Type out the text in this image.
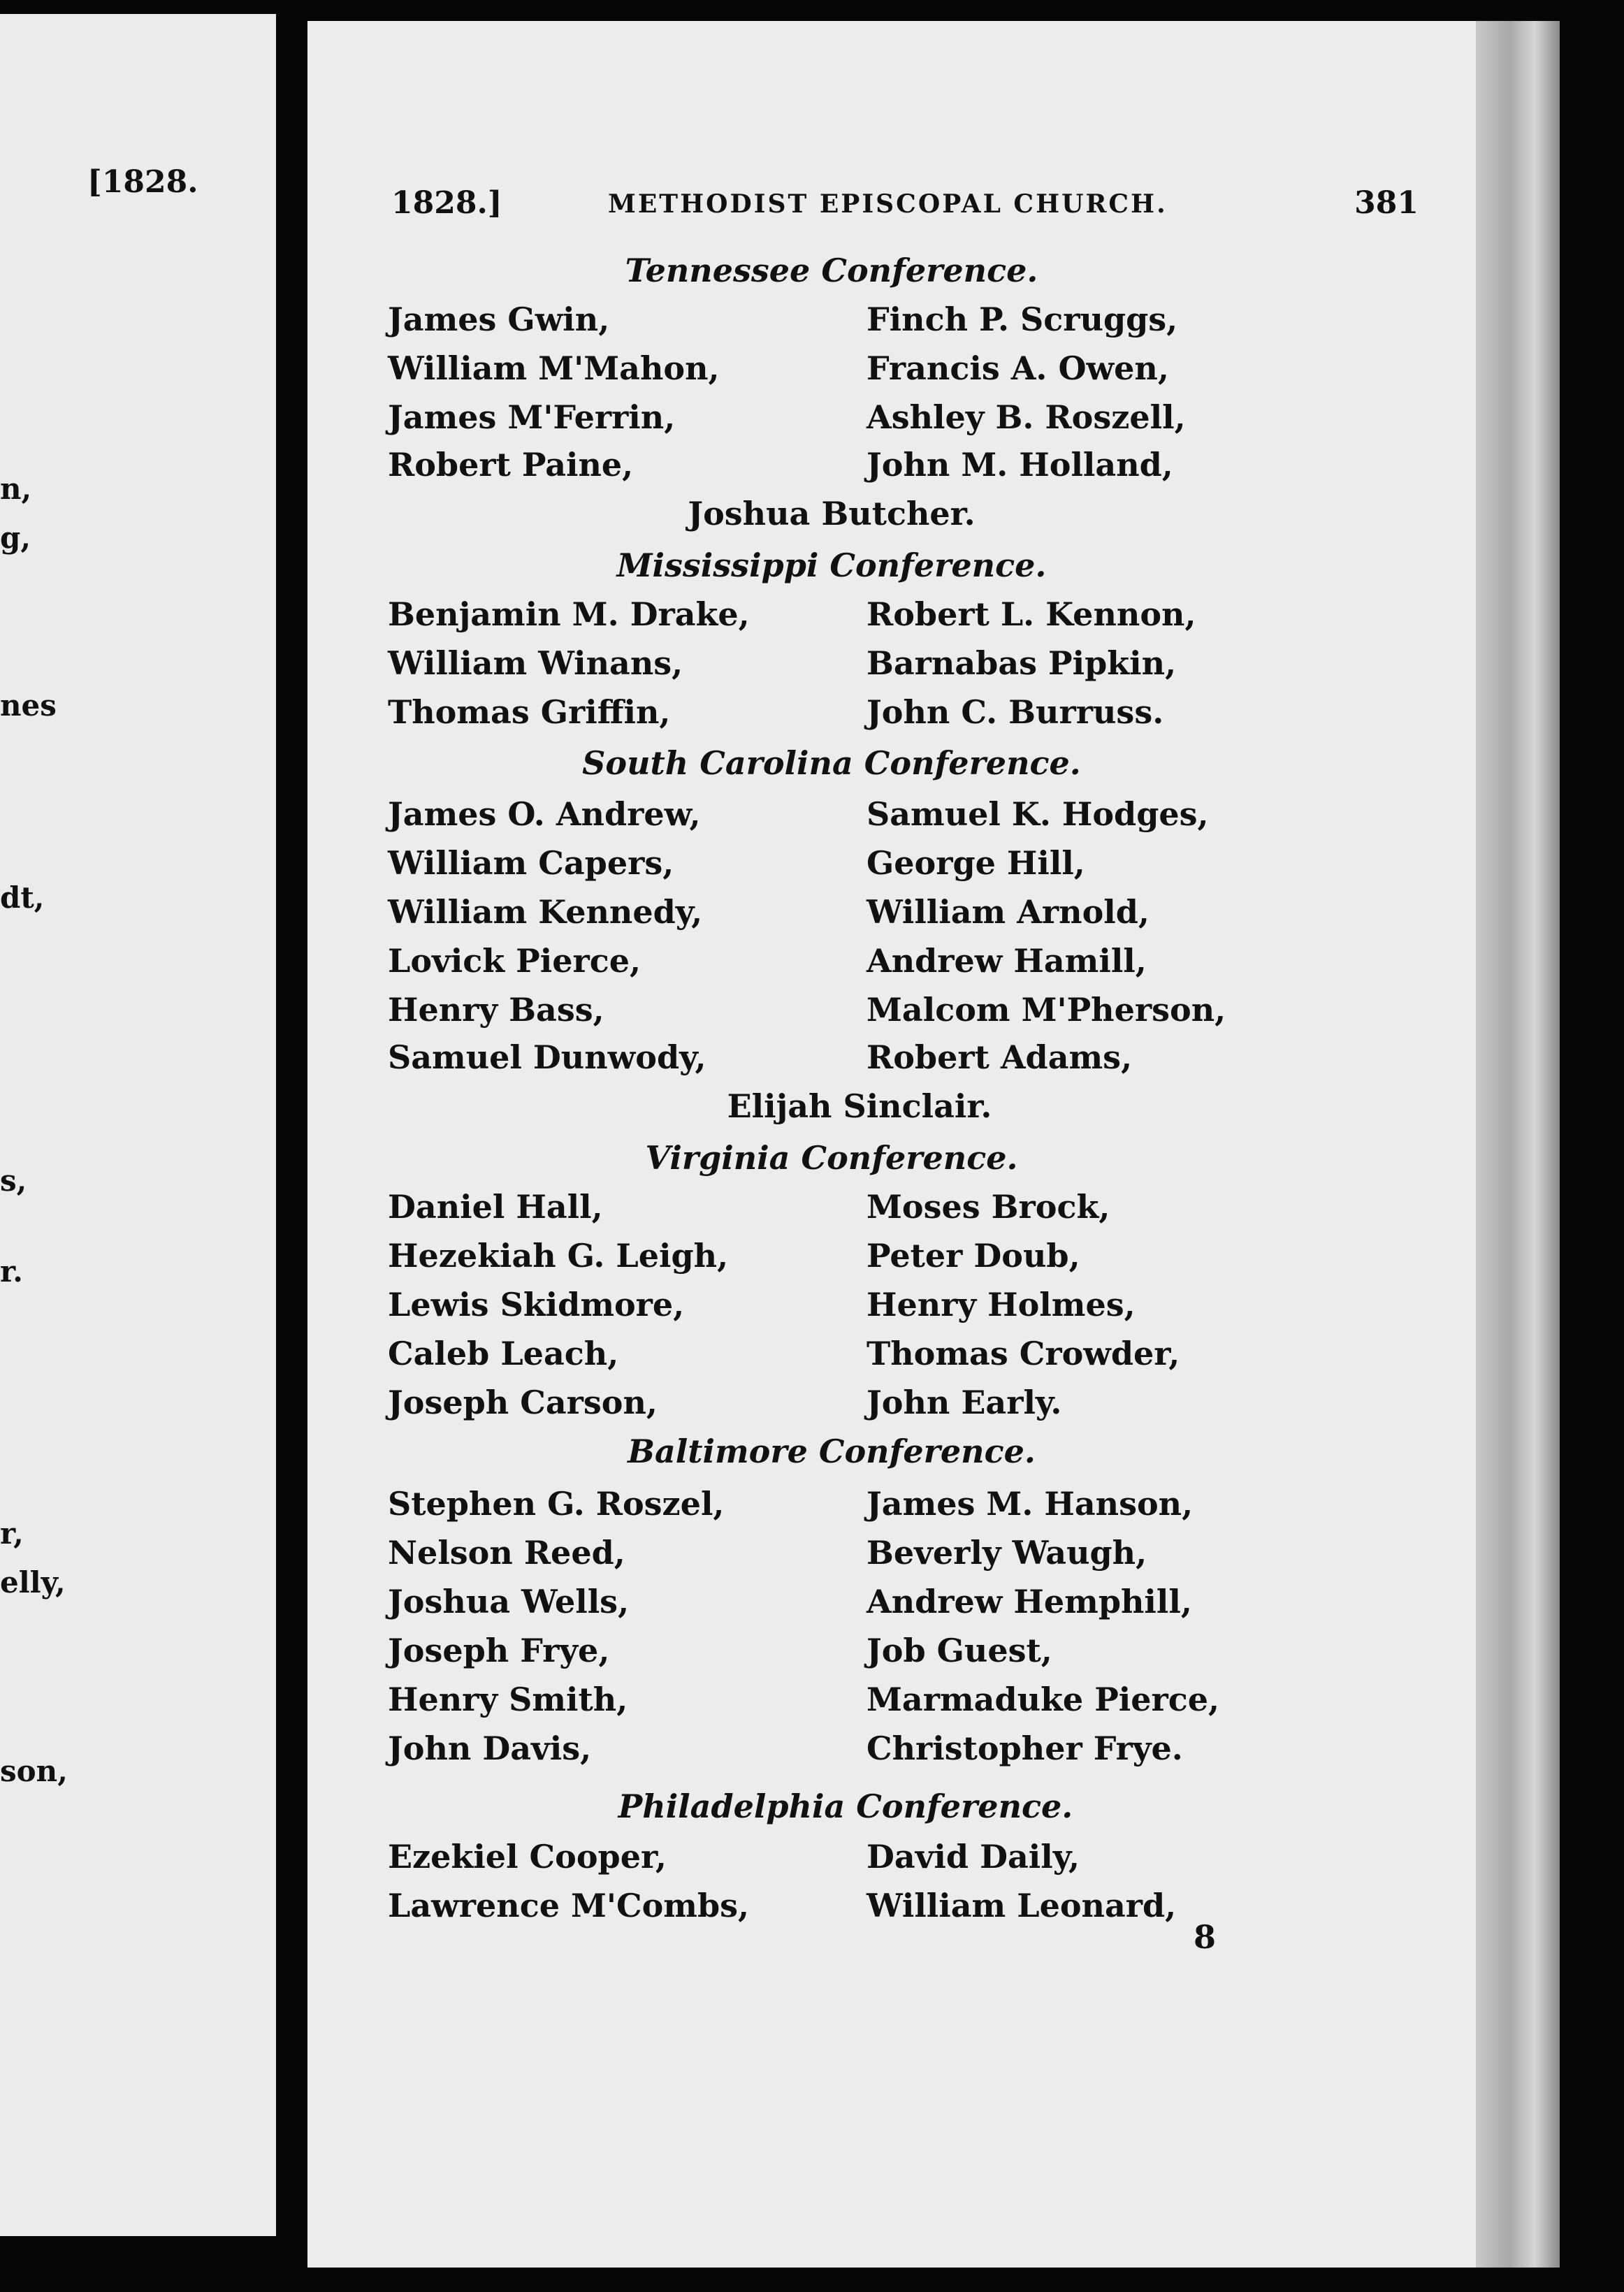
[1828.
n,
g,
nes
dt,
s,
r.
r,
elly,
son,
1828.]	METHODIST EPISCOPAL CHURCH.	381
Tennessee Conference.
James Gwin,	Finch P. Scruggs,
William M'Mahon,	Francis A. Owen,
James M'Ferrin,	Ashley B. Roszell,
Robert Paine,	John M. Holland,
Joshua Butcher.
Mississippi Conference.
Benjamin M. Drake,	Robert L. Kennon,
William Winans,	Barnabas Pipkin,
Thomas Griffin,	John C. Burruss.
South Carolina Conference.
James O. Andrew,	Samuel K. Hodges,
William Capers,	George Hill,
William Kennedy,	William Arnold,
Lovick Pierce,	Andrew Hamill,
Henry Bass,	Malcom M'Pherson,
Samuel Dunwody,	Robert Adams,
Elijah Sinclair.
Virginia Conference.
Daniel Hall,	Moses Brock,
Hezekiah G. Leigh,	Peter Doub,
Lewis Skidmore,	Henry Holmes,
Caleb Leach,	Thomas Crowder,
Joseph Carson,	John Early.
Baltimore Conference.
Stephen G. Roszel,	James M. Hanson,
Nelson Reed,	Beverly Waugh,
Joshua Wells,	Andrew Hemphill,
Joseph Frye,	Job Guest,
Henry Smith,	Marmaduke Pierce,
John Davis,	Christopher Frye.
Philadelphia Conference.
Ezekiel Cooper,	David Daily,
Lawrence M'Combs,	William Leonard,
8
